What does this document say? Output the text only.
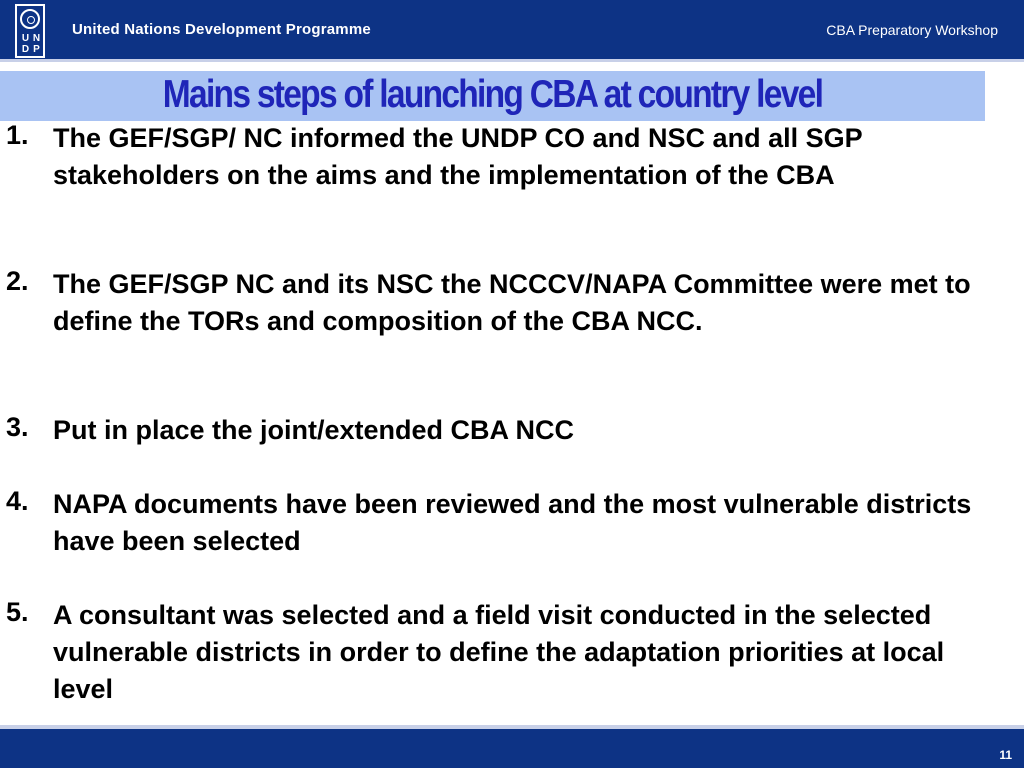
U N
D P
United Nations Development Programme	CBA Preparatory Workshop
Mains steps of launching CBA at country level
1. The GEF/SGP/ NC informed the UNDP CO and NSC and all SGP stakeholders on the aims and the implementation of the CBA
2. The GEF/SGP NC and its NSC the NCCCV/NAPA Committee were met to define the TORs and composition of the CBA NCC.
3. Put in place the joint/extended CBA NCC
4. NAPA documents have been reviewed and the most vulnerable districts have been selected
5. A consultant was selected and a field visit conducted in the selected vulnerable districts in order to define the adaptation priorities at local level
11
